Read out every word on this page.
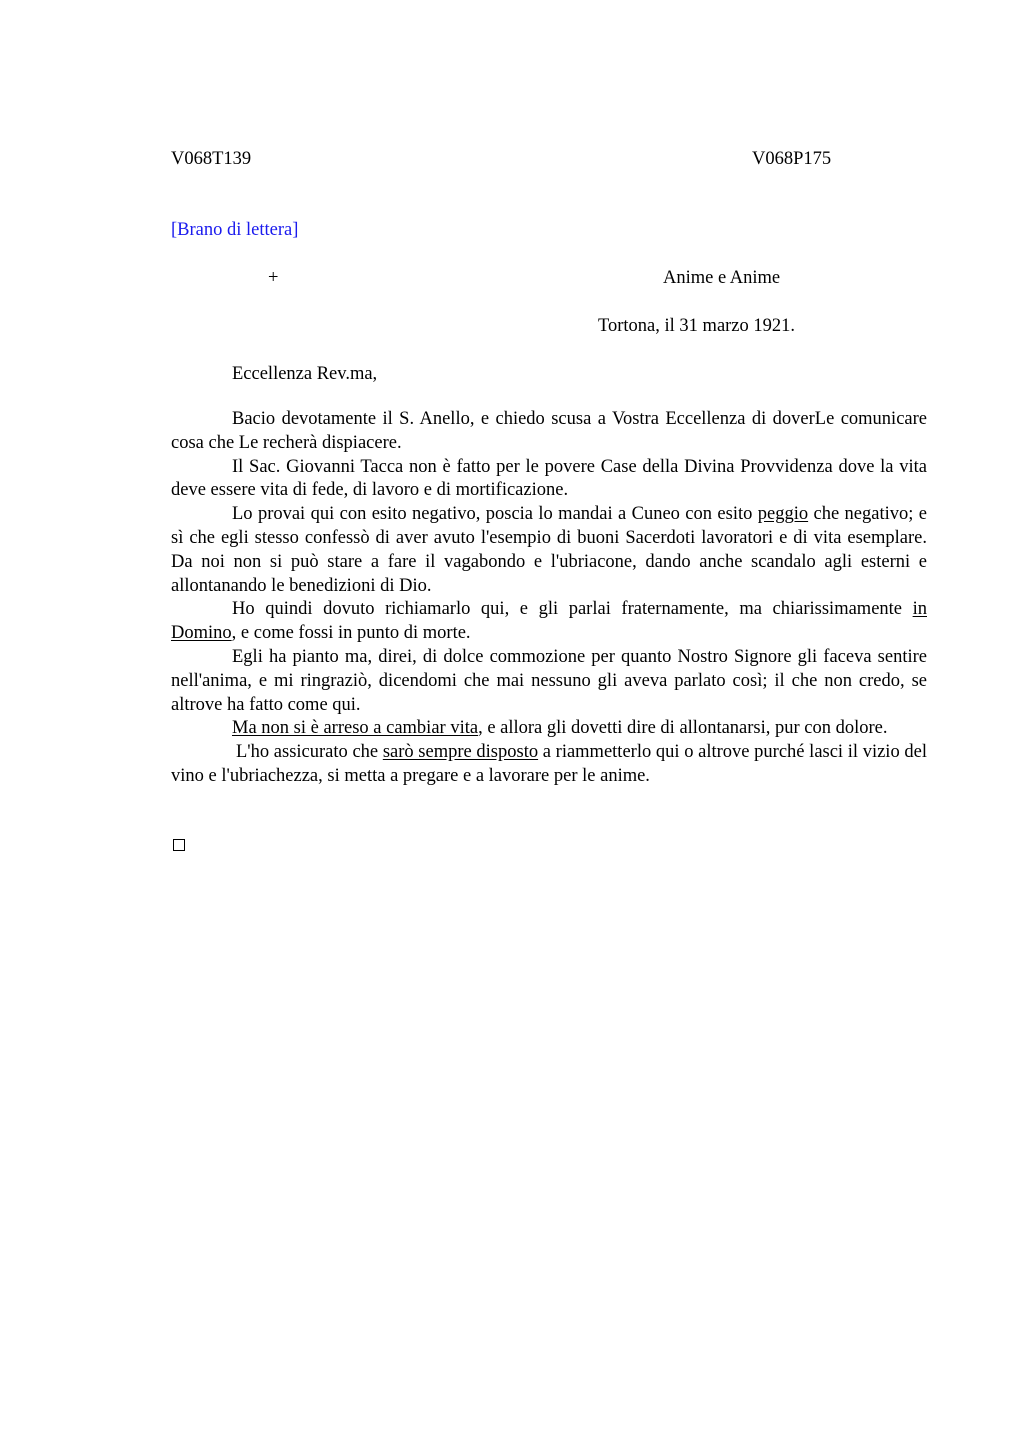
V068T139	V068P175
[Brano di lettera]
+	Anime e Anime
Tortona, il 31 marzo 1921.
Eccellenza Rev.ma,

Bacio devotamente il S. Anello, e chiedo scusa a Vostra Eccellenza di doverLe comunicare cosa che Le recherà dispiacere.

Il Sac. Giovanni Tacca non è fatto per le povere Case della Divina Provvidenza dove la vita deve essere vita di fede, di lavoro e di mortificazione.

Lo provai qui con esito negativo, poscia lo mandai a Cuneo con esito peggio che negativo; e sì che egli stesso confessò di aver avuto l'esempio di buoni Sacerdoti lavoratori e di vita esemplare. Da noi non si può stare a fare il vagabondo e l'ubriacone, dando anche scandalo agli esterni e allontanando le benedizioni di Dio.

Ho quindi dovuto richiamarlo qui, e gli parlai fraternamente, ma chiarissimamente in Domino, e come fossi in punto di morte.

Egli ha pianto ma, direi, di dolce commozione per quanto Nostro Signore gli faceva sentire nell'anima, e mi ringraziò, dicendomi che mai nessuno gli aveva parlato così; il che non credo, se altrove ha fatto come qui.

Ma non si è arreso a cambiar vita, e allora gli dovetti dire di allontanarsi, pur con dolore.

L'ho assicurato che sarò sempre disposto a riammetterlo qui o altrove purché lasci il vizio del vino e l'ubriachezza, si metta a pregare e a lavorare per le anime.
